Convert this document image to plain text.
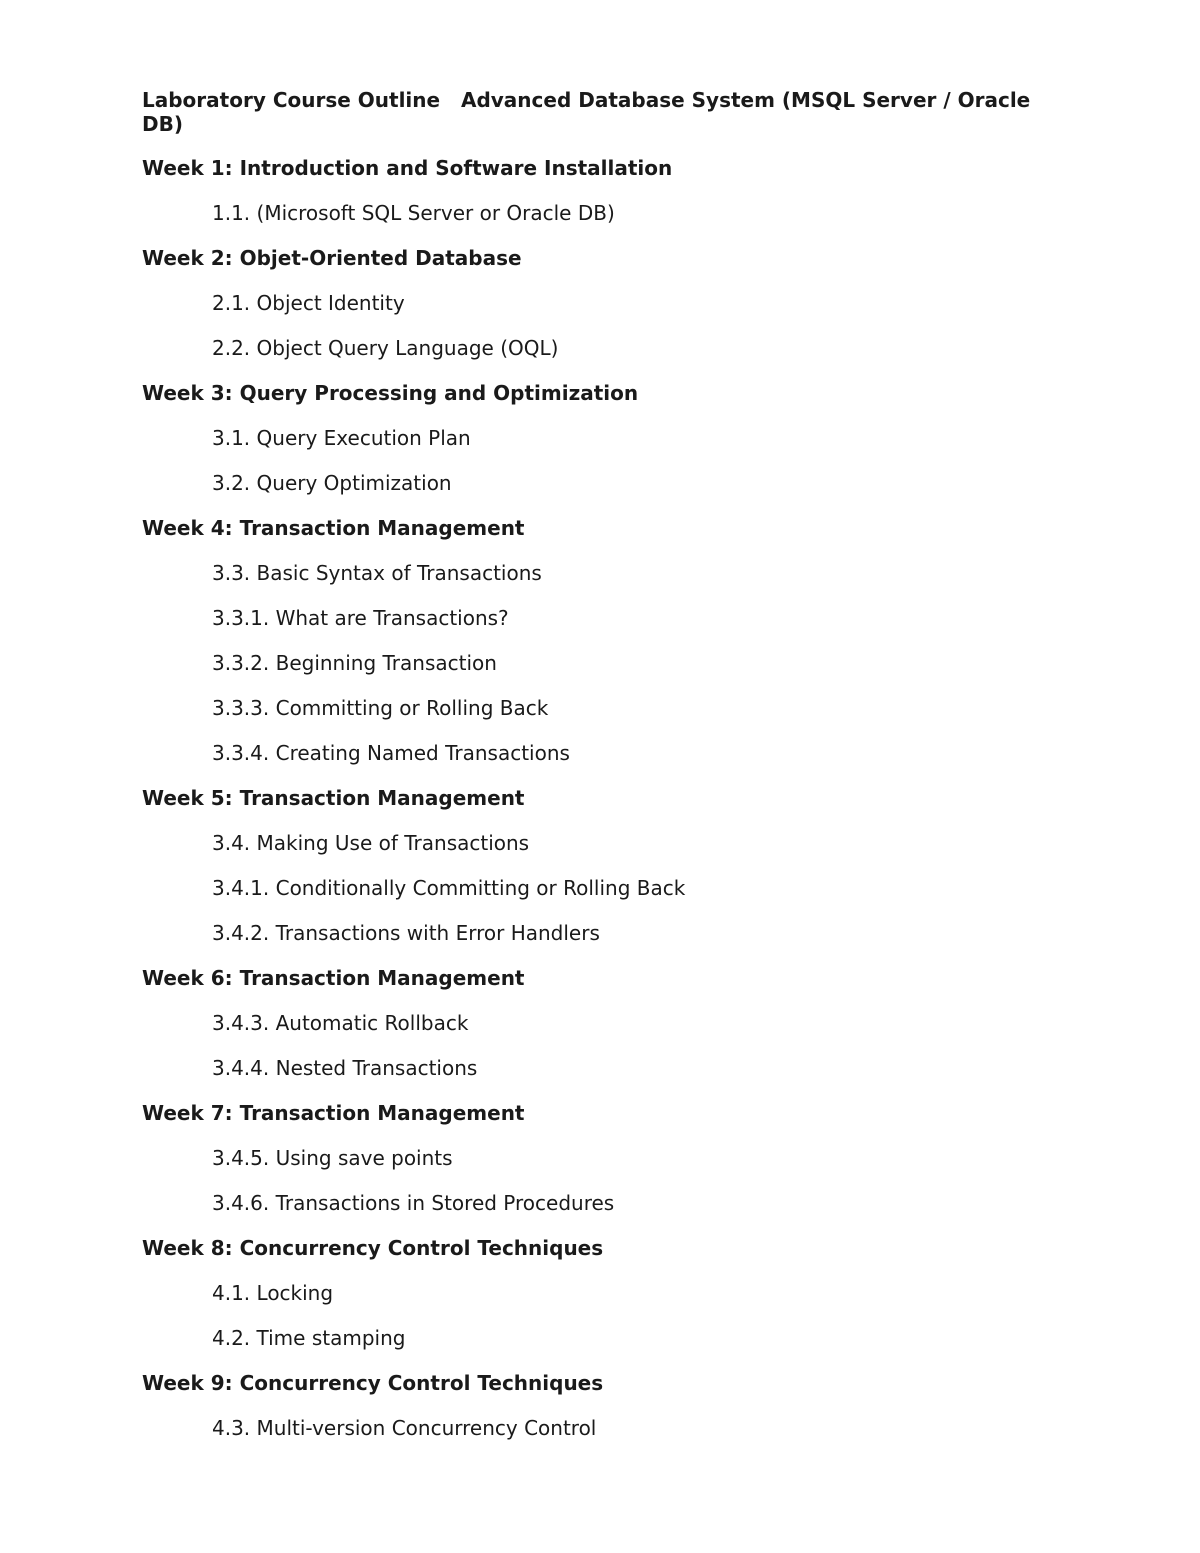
Laboratory Course Outline   Advanced Database System (MSQL Server / Oracle DB)
Week 1: Introduction and Software Installation
1.1. (Microsoft SQL Server or Oracle DB)
Week 2: Objet-Oriented Database
2.1. Object Identity
2.2. Object Query Language (OQL)
Week 3: Query Processing and Optimization
3.1. Query Execution Plan
3.2. Query Optimization
Week 4: Transaction Management
3.3. Basic Syntax of Transactions
3.3.1. What are Transactions?
3.3.2. Beginning Transaction
3.3.3. Committing or Rolling Back
3.3.4. Creating Named Transactions
Week 5: Transaction Management
3.4. Making Use of Transactions
3.4.1. Conditionally Committing or Rolling Back
3.4.2. Transactions with Error Handlers
Week 6: Transaction Management
3.4.3. Automatic Rollback
3.4.4. Nested Transactions
Week 7: Transaction Management
3.4.5. Using save points
3.4.6. Transactions in Stored Procedures
Week 8: Concurrency Control Techniques
4.1. Locking
4.2. Time stamping
Week 9: Concurrency Control Techniques
4.3. Multi-version Concurrency Control
